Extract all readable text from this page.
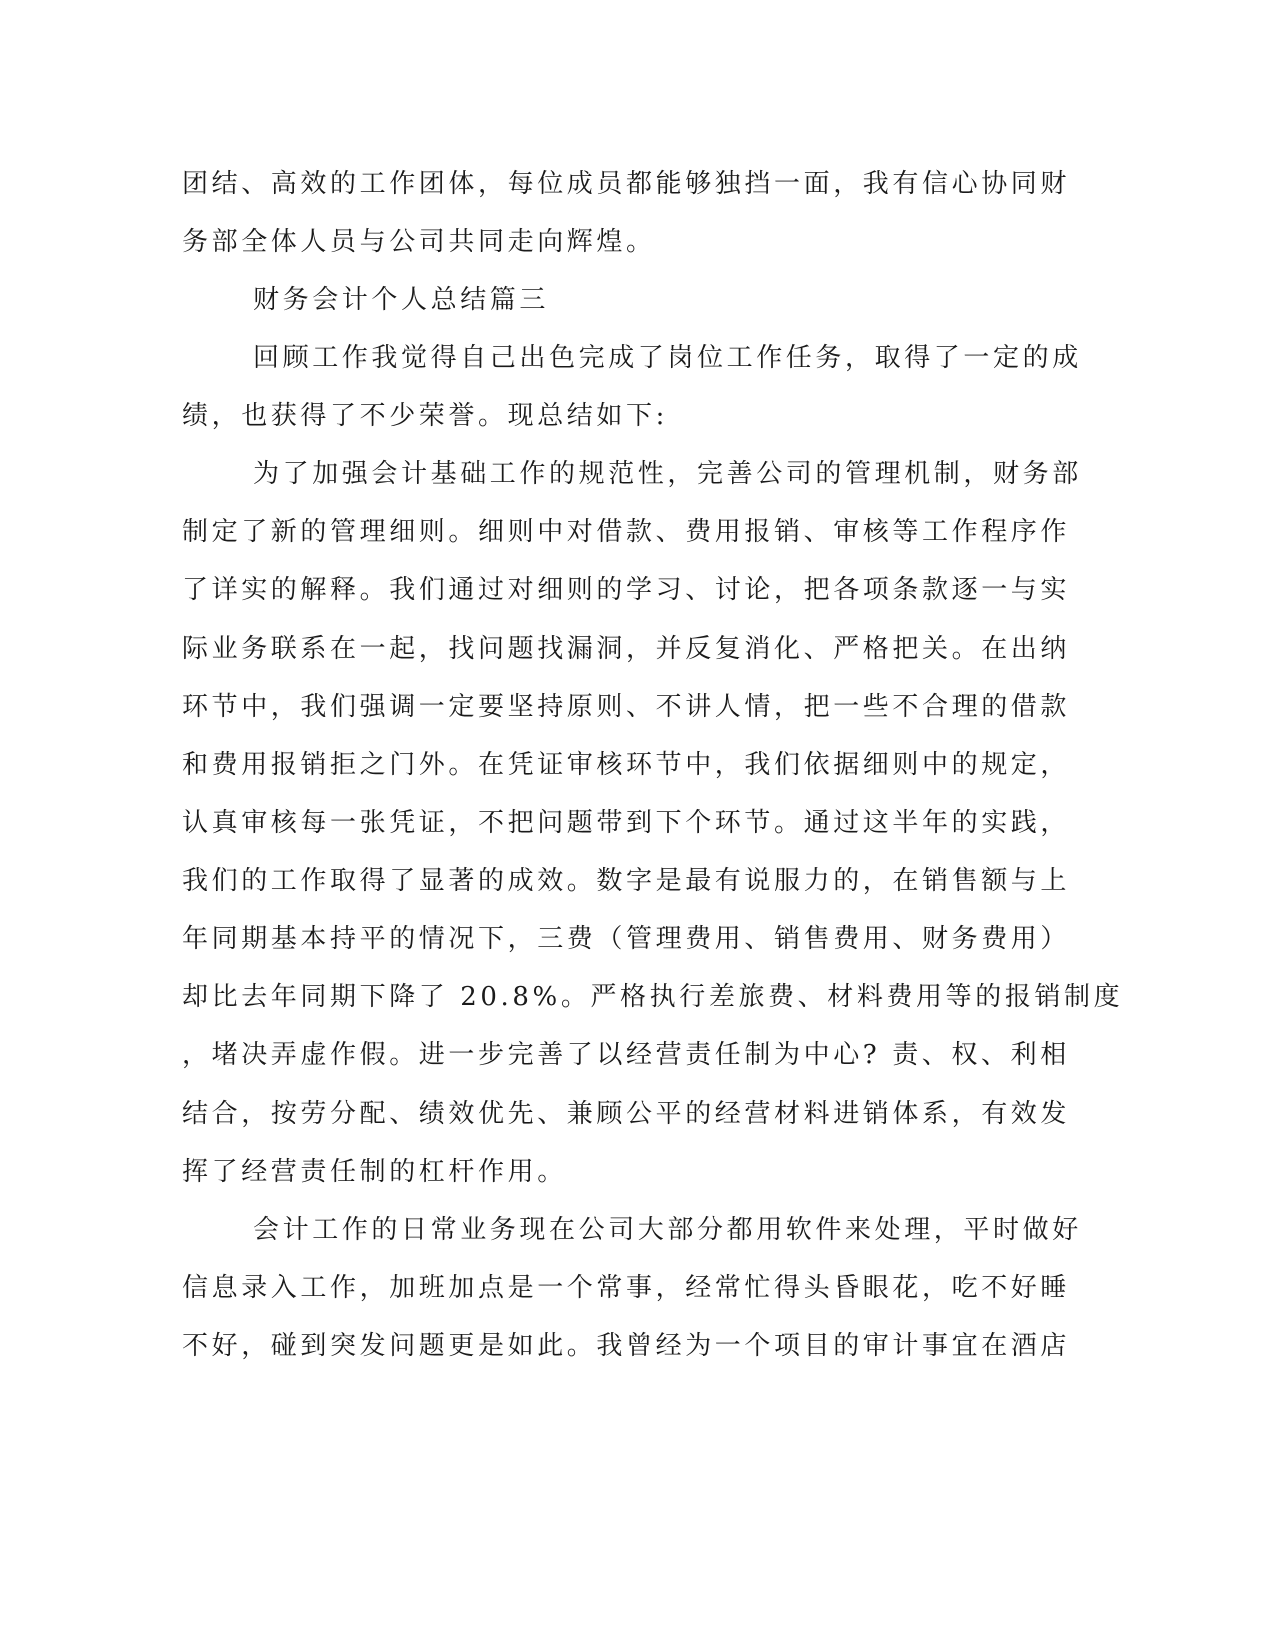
团结、高效的工作团体，每位成员都能够独挡一面，我有信心协同财
务部全体人员与公司共同走向辉煌。
财务会计个人总结篇三
回顾工作我觉得自己出色完成了岗位工作任务，取得了一定的成
绩，也获得了不少荣誉。现总结如下:
为了加强会计基础工作的规范性，完善公司的管理机制，财务部
制定了新的管理细则。细则中对借款、费用报销、审核等工作程序作
了详实的解释。我们通过对细则的学习、讨论，把各项条款逐一与实
际业务联系在一起，找问题找漏洞，并反复消化、严格把关。在出纳
环节中，我们强调一定要坚持原则、不讲人情，把一些不合理的借款
和费用报销拒之门外。在凭证审核环节中，我们依据细则中的规定，
认真审核每一张凭证，不把问题带到下个环节。通过这半年的实践，
我们的工作取得了显著的成效。数字是最有说服力的，在销售额与上
年同期基本持平的情况下，三费（管理费用、销售费用、财务费用）
却比去年同期下降了 20.8%。严格执行差旅费、材料费用等的报销制度
，堵决弄虚作假。进一步完善了以经营责任制为中心? 责、权、利相
结合，按劳分配、绩效优先、兼顾公平的经营材料进销体系，有效发
挥了经营责任制的杠杆作用。
会计工作的日常业务现在公司大部分都用软件来处理，平时做好
信息录入工作，加班加点是一个常事，经常忙得头昏眼花，吃不好睡
不好，碰到突发问题更是如此。我曾经为一个项目的审计事宜在酒店
